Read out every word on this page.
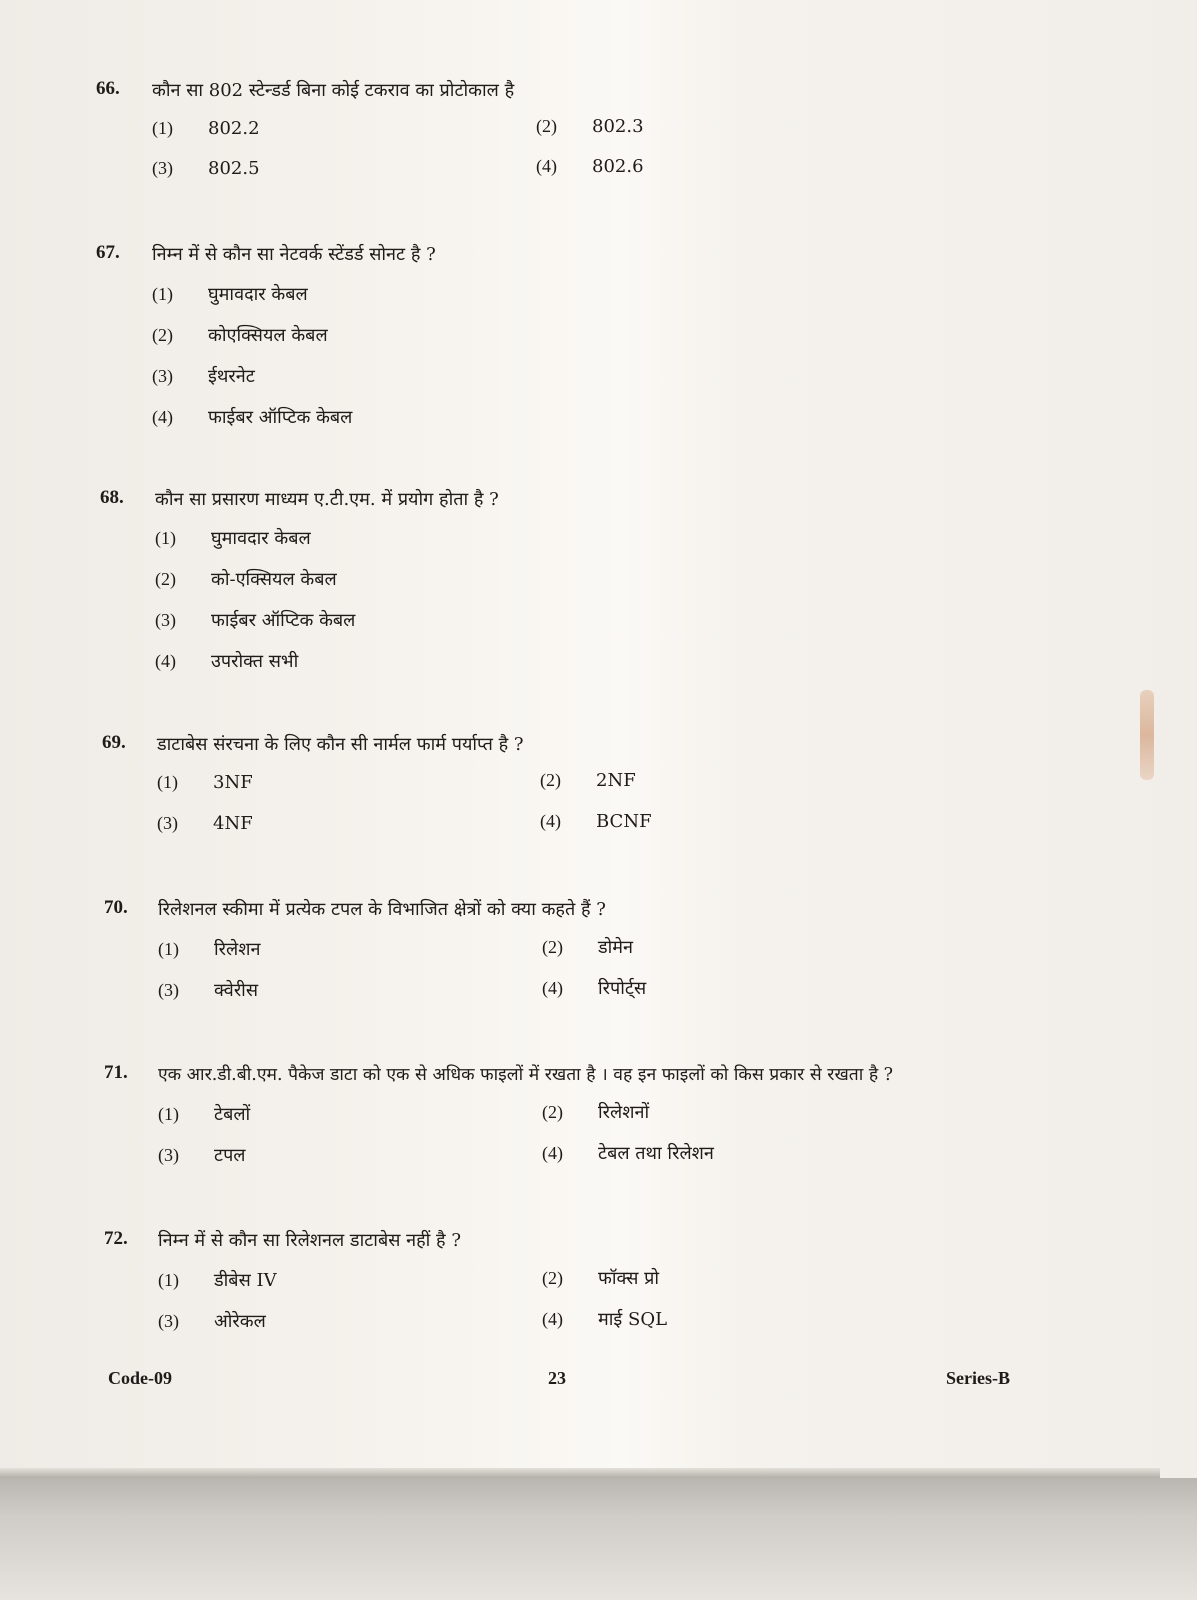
66. कौन सा 802 स्टेन्डर्ड बिना कोई टकराव का प्रोटोकाल है
(1) 802.2	(2) 802.3
(3) 802.5	(4) 802.6
67. निम्न में से कौन सा नेटवर्क स्टेंडर्ड सोनट है ?
(1) घुमावदार केबल
(2) कोएक्सियल केबल
(3) ईथरनेट
(4) फाईबर ऑप्टिक केबल
68. कौन सा प्रसारण माध्यम ए.टी.एम. में प्रयोग होता है ?
(1) घुमावदार केबल
(2) को-एक्सियल केबल
(3) फाईबर ऑप्टिक केबल
(4) उपरोक्त सभी
69. डाटाबेस संरचना के लिए कौन सी नार्मल फार्म पर्याप्त है ?
(1) 3NF	(2) 2NF
(3) 4NF	(4) BCNF
70. रिलेशनल स्कीमा में प्रत्येक टपल के विभाजित क्षेत्रों को क्या कहते हैं ?
(1) रिलेशन	(2) डोमेन
(3) क्वेरीस	(4) रिपोर्ट्स
71. एक आर.डी.बी.एम. पैकेज डाटा को एक से अधिक फाइलों में रखता है । वह इन फाइलों को किस प्रकार से रखता है ?
(1) टेबलों	(2) रिलेशनों
(3) टपल	(4) टेबल तथा रिलेशन
72. निम्न में से कौन सा रिलेशनल डाटाबेस नहीं है ?
(1) डीबेस IV	(2) फॉक्स प्रो
(3) ओरेकल	(4) माई SQL
Code-09	23	Series-B
